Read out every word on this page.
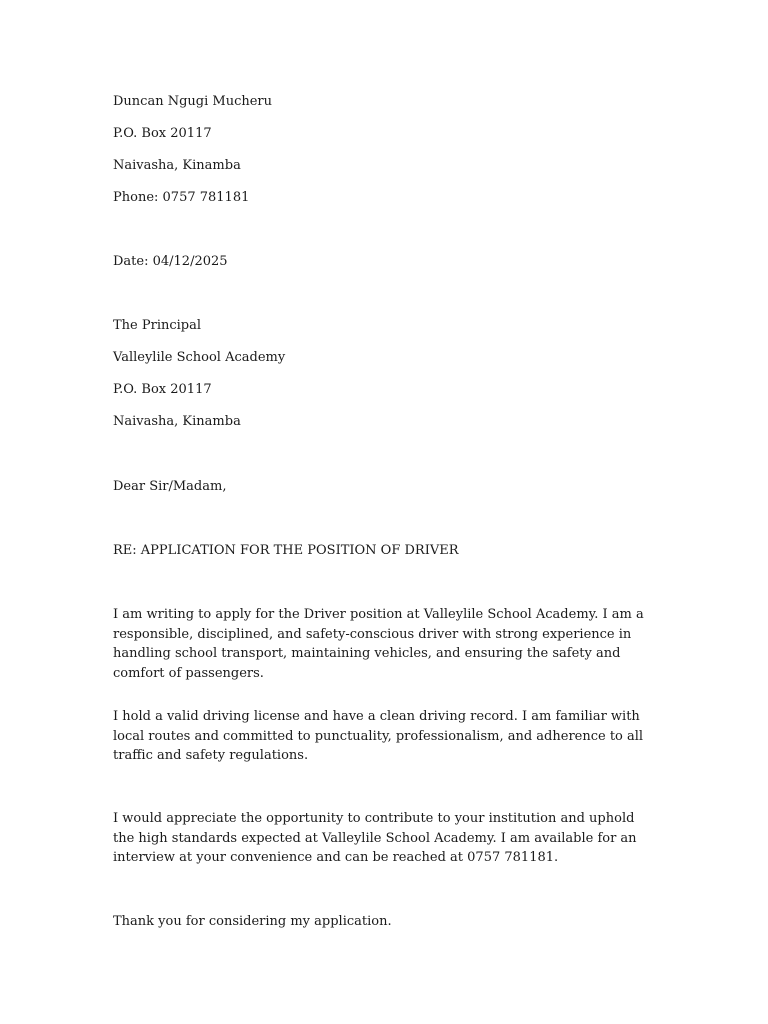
Duncan Ngugi Mucheru
P.O. Box 20117
Naivasha, Kinamba
Phone: 0757 781181
Date: 04/12/2025
The Principal
Valleylile School Academy
P.O. Box 20117
Naivasha, Kinamba
Dear Sir/Madam,
RE: APPLICATION FOR THE POSITION OF DRIVER
I am writing to apply for the Driver position at Valleylile School Academy. I am a responsible, disciplined, and safety-conscious driver with strong experience in handling school transport, maintaining vehicles, and ensuring the safety and comfort of passengers.
I hold a valid driving license and have a clean driving record. I am familiar with local routes and committed to punctuality, professionalism, and adherence to all traffic and safety regulations.
I would appreciate the opportunity to contribute to your institution and uphold the high standards expected at Valleylile School Academy. I am available for an interview at your convenience and can be reached at 0757 781181.
Thank you for considering my application.
